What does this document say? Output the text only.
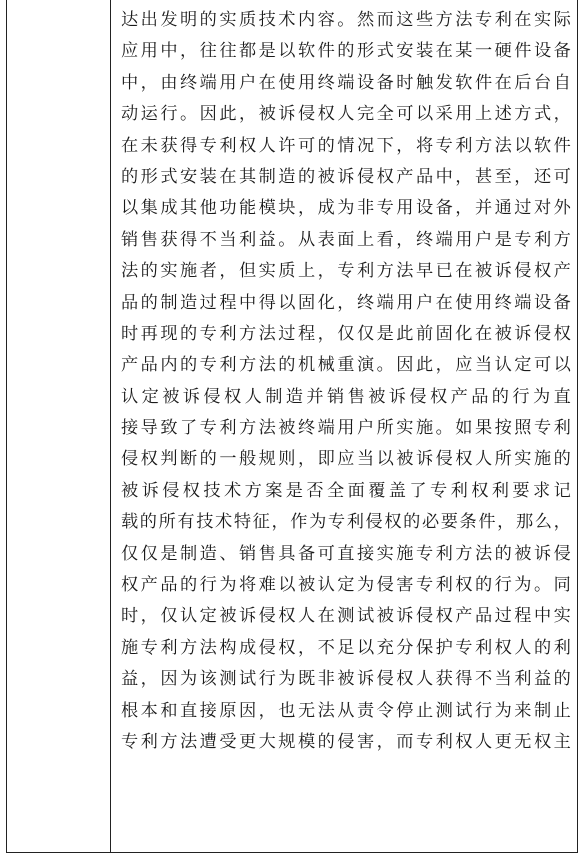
达出发明的实质技术内容。然而这些方法专利在实际
应用中，往往都是以软件的形式安装在某一硬件设备
中，由终端用户在使用终端设备时触发软件在后台自
动运行。因此，被诉侵权人完全可以采用上述方式，
在未获得专利权人许可的情况下，将专利方法以软件
的形式安装在其制造的被诉侵权产品中，甚至，还可
以集成其他功能模块，成为非专用设备，并通过对外
销售获得不当利益。从表面上看，终端用户是专利方
法的实施者，但实质上，专利方法早已在被诉侵权产
品的制造过程中得以固化，终端用户在使用终端设备
时再现的专利方法过程，仅仅是此前固化在被诉侵权
产品内的专利方法的机械重演。因此，应当认定可以
认定被诉侵权人制造并销售被诉侵权产品的行为直
接导致了专利方法被终端用户所实施。如果按照专利
侵权判断的一般规则，即应当以被诉侵权人所实施的
被诉侵权技术方案是否全面覆盖了专利权利要求记
载的所有技术特征，作为专利侵权的必要条件，那么，
仅仅是制造、销售具备可直接实施专利方法的被诉侵
权产品的行为将难以被认定为侵害专利权的行为。同
时，仅认定被诉侵权人在测试被诉侵权产品过程中实
施专利方法构成侵权，不足以充分保护专利权人的利
益，因为该测试行为既非被诉侵权人获得不当利益的
根本和直接原因，也无法从责令停止测试行为来制止
专利方法遭受更大规模的侵害，而专利权人更无权主
